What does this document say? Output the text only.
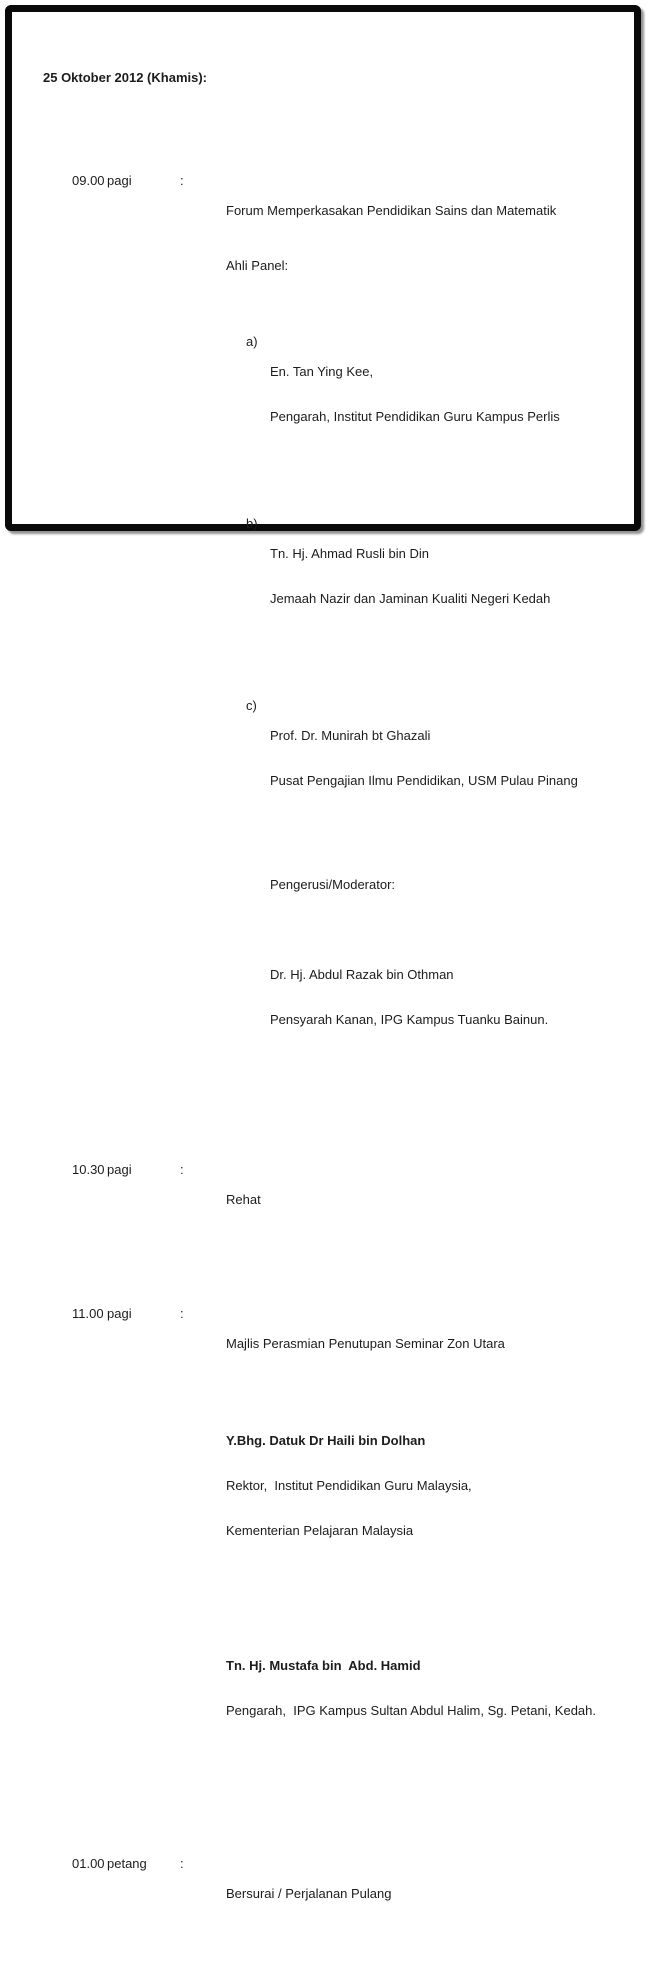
25 Oktober 2012 (Khamis):

09.00 pagi	:

Forum Memperkasakan Pendidikan Sains dan Matematik

Ahli Panel:

a)

En. Tan Ying Kee,

Pengarah, Institut Pendidikan Guru Kampus Perlis

b)

Tn. Hj. Ahmad Rusli bin Din

Jemaah Nazir dan Jaminan Kualiti Negeri Kedah

c)

Prof. Dr. Munirah bt Ghazali

Pusat Pengajian Ilmu Pendidikan, USM Pulau Pinang

Pengerusi/Moderator:

Dr. Hj. Abdul Razak bin Othman

Pensyarah Kanan, IPG Kampus Tuanku Bainun.

10.30 pagi	:

Rehat

11.00 pagi	:

Majlis Perasmian Penutupan Seminar Zon Utara

Y.Bhg. Datuk Dr Haili bin Dolhan

Rektor,  Institut Pendidikan Guru Malaysia,

Kementerian Pelajaran Malaysia

Tn. Hj. Mustafa bin  Abd. Hamid

Pengarah,  IPG Kampus Sultan Abdul Halim, Sg. Petani, Kedah.

01.00 petang	:

Bersurai / Perjalanan Pulang
